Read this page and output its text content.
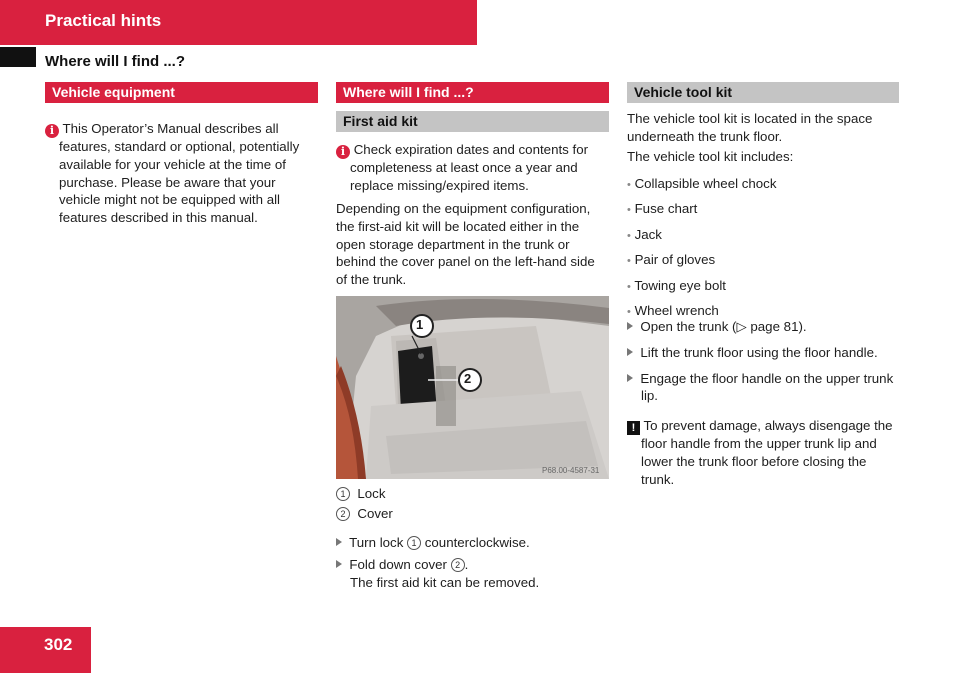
Practical hints
Where will I find ...?
Vehicle equipment
i This Operator’s Manual describes all
features, standard or optional, potentially
available for your vehicle at the time of
purchase. Please be aware that your
vehicle might not be equipped with all
features described in this manual.
Where will I find ...?
First aid kit
i Check expiration dates and contents for
completeness at least once a year and
replace missing/expired items.
Depending on the equipment configuration,
the first-aid kit will be located either in the
open storage department in the trunk or
behind the cover panel on the left-hand side
of the trunk.
1
2
P68.00-4587-31
1 Lock
2 Cover
Turn lock 1 counterclockwise.
Fold down cover 2 .
The first aid kit can be removed.
Vehicle tool kit
The vehicle tool kit is located in the space
underneath the trunk floor.
The vehicle tool kit includes:
• Collapsible wheel chock
• Fuse chart
• Jack
• Pair of gloves
• Towing eye bolt
• Wheel wrench
Open the trunk (▷ page 81).
Lift the trunk floor using the floor handle.
Engage the floor handle on the upper trunk
lip.
! To prevent damage, always disengage the
floor handle from the upper trunk lip and
lower the trunk floor before closing the
trunk.
302
